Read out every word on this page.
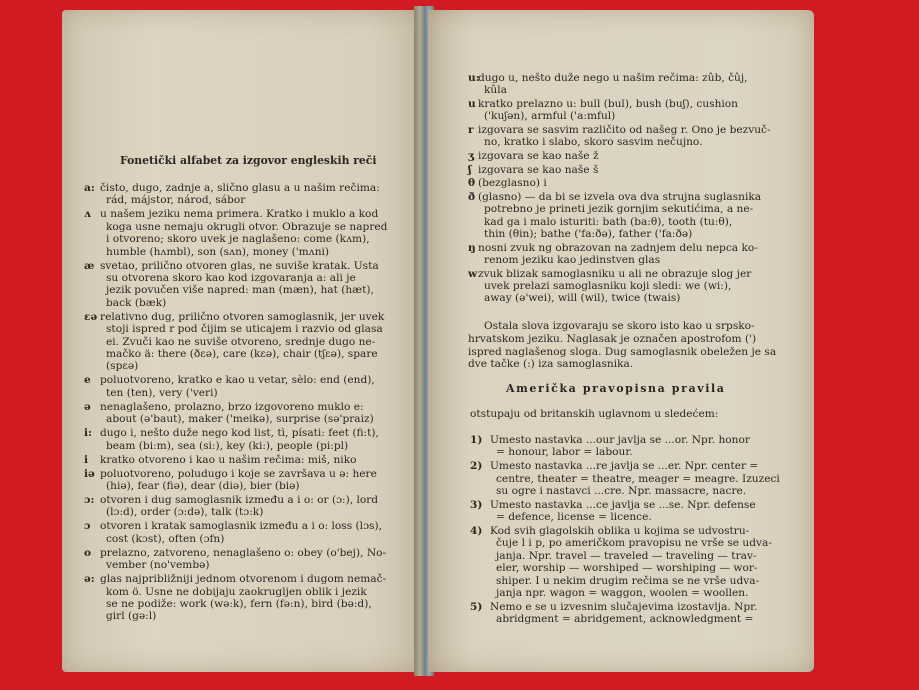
Fonetički alfabet za izgovor engleskih reči
a: čisto, dugo, zadnje a, slično glasu a u našim rečima:
rád, májstor, národ, sábor
ʌ u našem jeziku nema primera. Kratko i muklo a kod
koga usne nemaju okrugli otvor. Obrazuje se napred
i otvoreno; skoro uvek je naglašeno: come (kʌm),
humble (hʌmbl), son (sʌn), money ('mʌni)
æ svetao, prilično otvoren glas, ne suviše kratak. Usta
su otvorena skoro kao kod izgovaranja a: ali je
jezik povučen više napred: man (mæn), hat (hæt),
back (bæk)
ɛə relativno dug, prilično otvoren samoglasnik, jer uvek
stoji ispred r pod čijim se uticajem i razvio od glasa
ei. Zvuči kao ne suviše otvoreno, srednje dugo ne-
mačko ä: there (ðɛə), care (kɛə), chair (tʃɛə), spare
(spɛə)
e poluotvoreno, kratko e kao u vetar, sèlo: end (end),
ten (ten), very ('veri)
ə nenaglašeno, prolazno, brzo izgovoreno muklo e:
about (ə'baut), maker ('meikə), surprise (sə'praiz)
i: dugo i, nešto duže nego kod list, tì, písati: feet (fi:t),
beam (bi:m), sea (si:), key (ki:), people (pi:pl)
i kratko otvoreno i kao u našim rečima: miš, niko
iə poluotvoreno, poludugo i koje se završava u ə: here
(hiə), fear (fiə), dear (diə), bier (biə)
ɔ: otvoren i dug samoglasnik između a i o: or (ɔ:), lord
(lɔ:d), order (ɔ:də), talk (tɔ:k)
ɔ otvoren i kratak samoglasnik između a i o: loss (lɔs),
cost (kɔst), often (ɔfn)
o prelazno, zatvoreno, nenaglašeno o: obey (o'bej), No-
vember (no'vembə)
ə: glas najpribližniji jednom otvorenom i dugom nemač-
kom ö. Usne ne dobijaju zaokrugljen oblik i jezik
se ne podiže: work (wə:k), fern (fə:n), bird (bə:d),
girl (gə:l)
u:
dugo u, nešto duže nego u našim rečima: zûb, čûj,
kûla
u kratko prelazno u: bull (bul), bush (buʃ), cushion
('kuʃən), armful ('a:mful)
r izgovara se sasvim različito od našeg r. Ono je bezvuč-
no, kratko i slabo, skoro sasvim nečujno.
ʒ izgovara se kao naše ž
ʃ izgovara se kao naše š
θ (bezglasno) i
ð (glasno) — da bi se izvela ova dva strujna suglasnika
potrebno je prineti jezik gornjim sekutićima, a ne-
kad ga i malo isturiti: bath (ba:θ), tooth (tu:θ),
thin (θin); bathe ('fa:ðə), father ('fa:ðə)
ŋ nosni zvuk ng obrazovan na zadnjem delu nepca ko-
renom jeziku kao jedinstven glas
w zvuk blizak samoglasniku u ali ne obrazuje slog jer
uvek prelazi samoglasniku koji sledi: we (wi:),
away (ə'wei), will (wil), twice (twais)
Ostala slova izgovaraju se skoro isto kao u srpsko-
hrvatskom jeziku. Naglasak je označen apostrofom (')
ispred naglašenog sloga. Dug samoglasnik obeležen je sa
dve tačke (:) iza samoglasnika.
Američka pravopisna pravila
otstupaju od britanskih uglavnom u sledećem:
1) Umesto nastavka ...our javlja se ...or. Npr. honor
= honour, labor = labour.
2) Umesto nastavka ...re javlja se ...er. Npr. center =
centre, theater = theatre, meager = meagre. Izuzeci
su ogre i nastavci ...cre. Npr. massacre, nacre.
3) Umesto nastavka ...ce javlja se ...se. Npr. defense
= defence, license = licence.
4) Kod svih glagolskih oblika u kojima se udvostru-
čuje l i p, po američkom pravopisu ne vrše se udva-
janja. Npr. travel — traveled — traveling — trav-
eler, worship — worshiped — worshiping — wor-
shiper. I u nekim drugim rečima se ne vrše udva-
janja npr. wagon = waggon, woolen = woollen.
5) Nemo e se u izvesnim slučajevima izostavlja. Npr.
abridgment = abridgement, acknowledgment =
